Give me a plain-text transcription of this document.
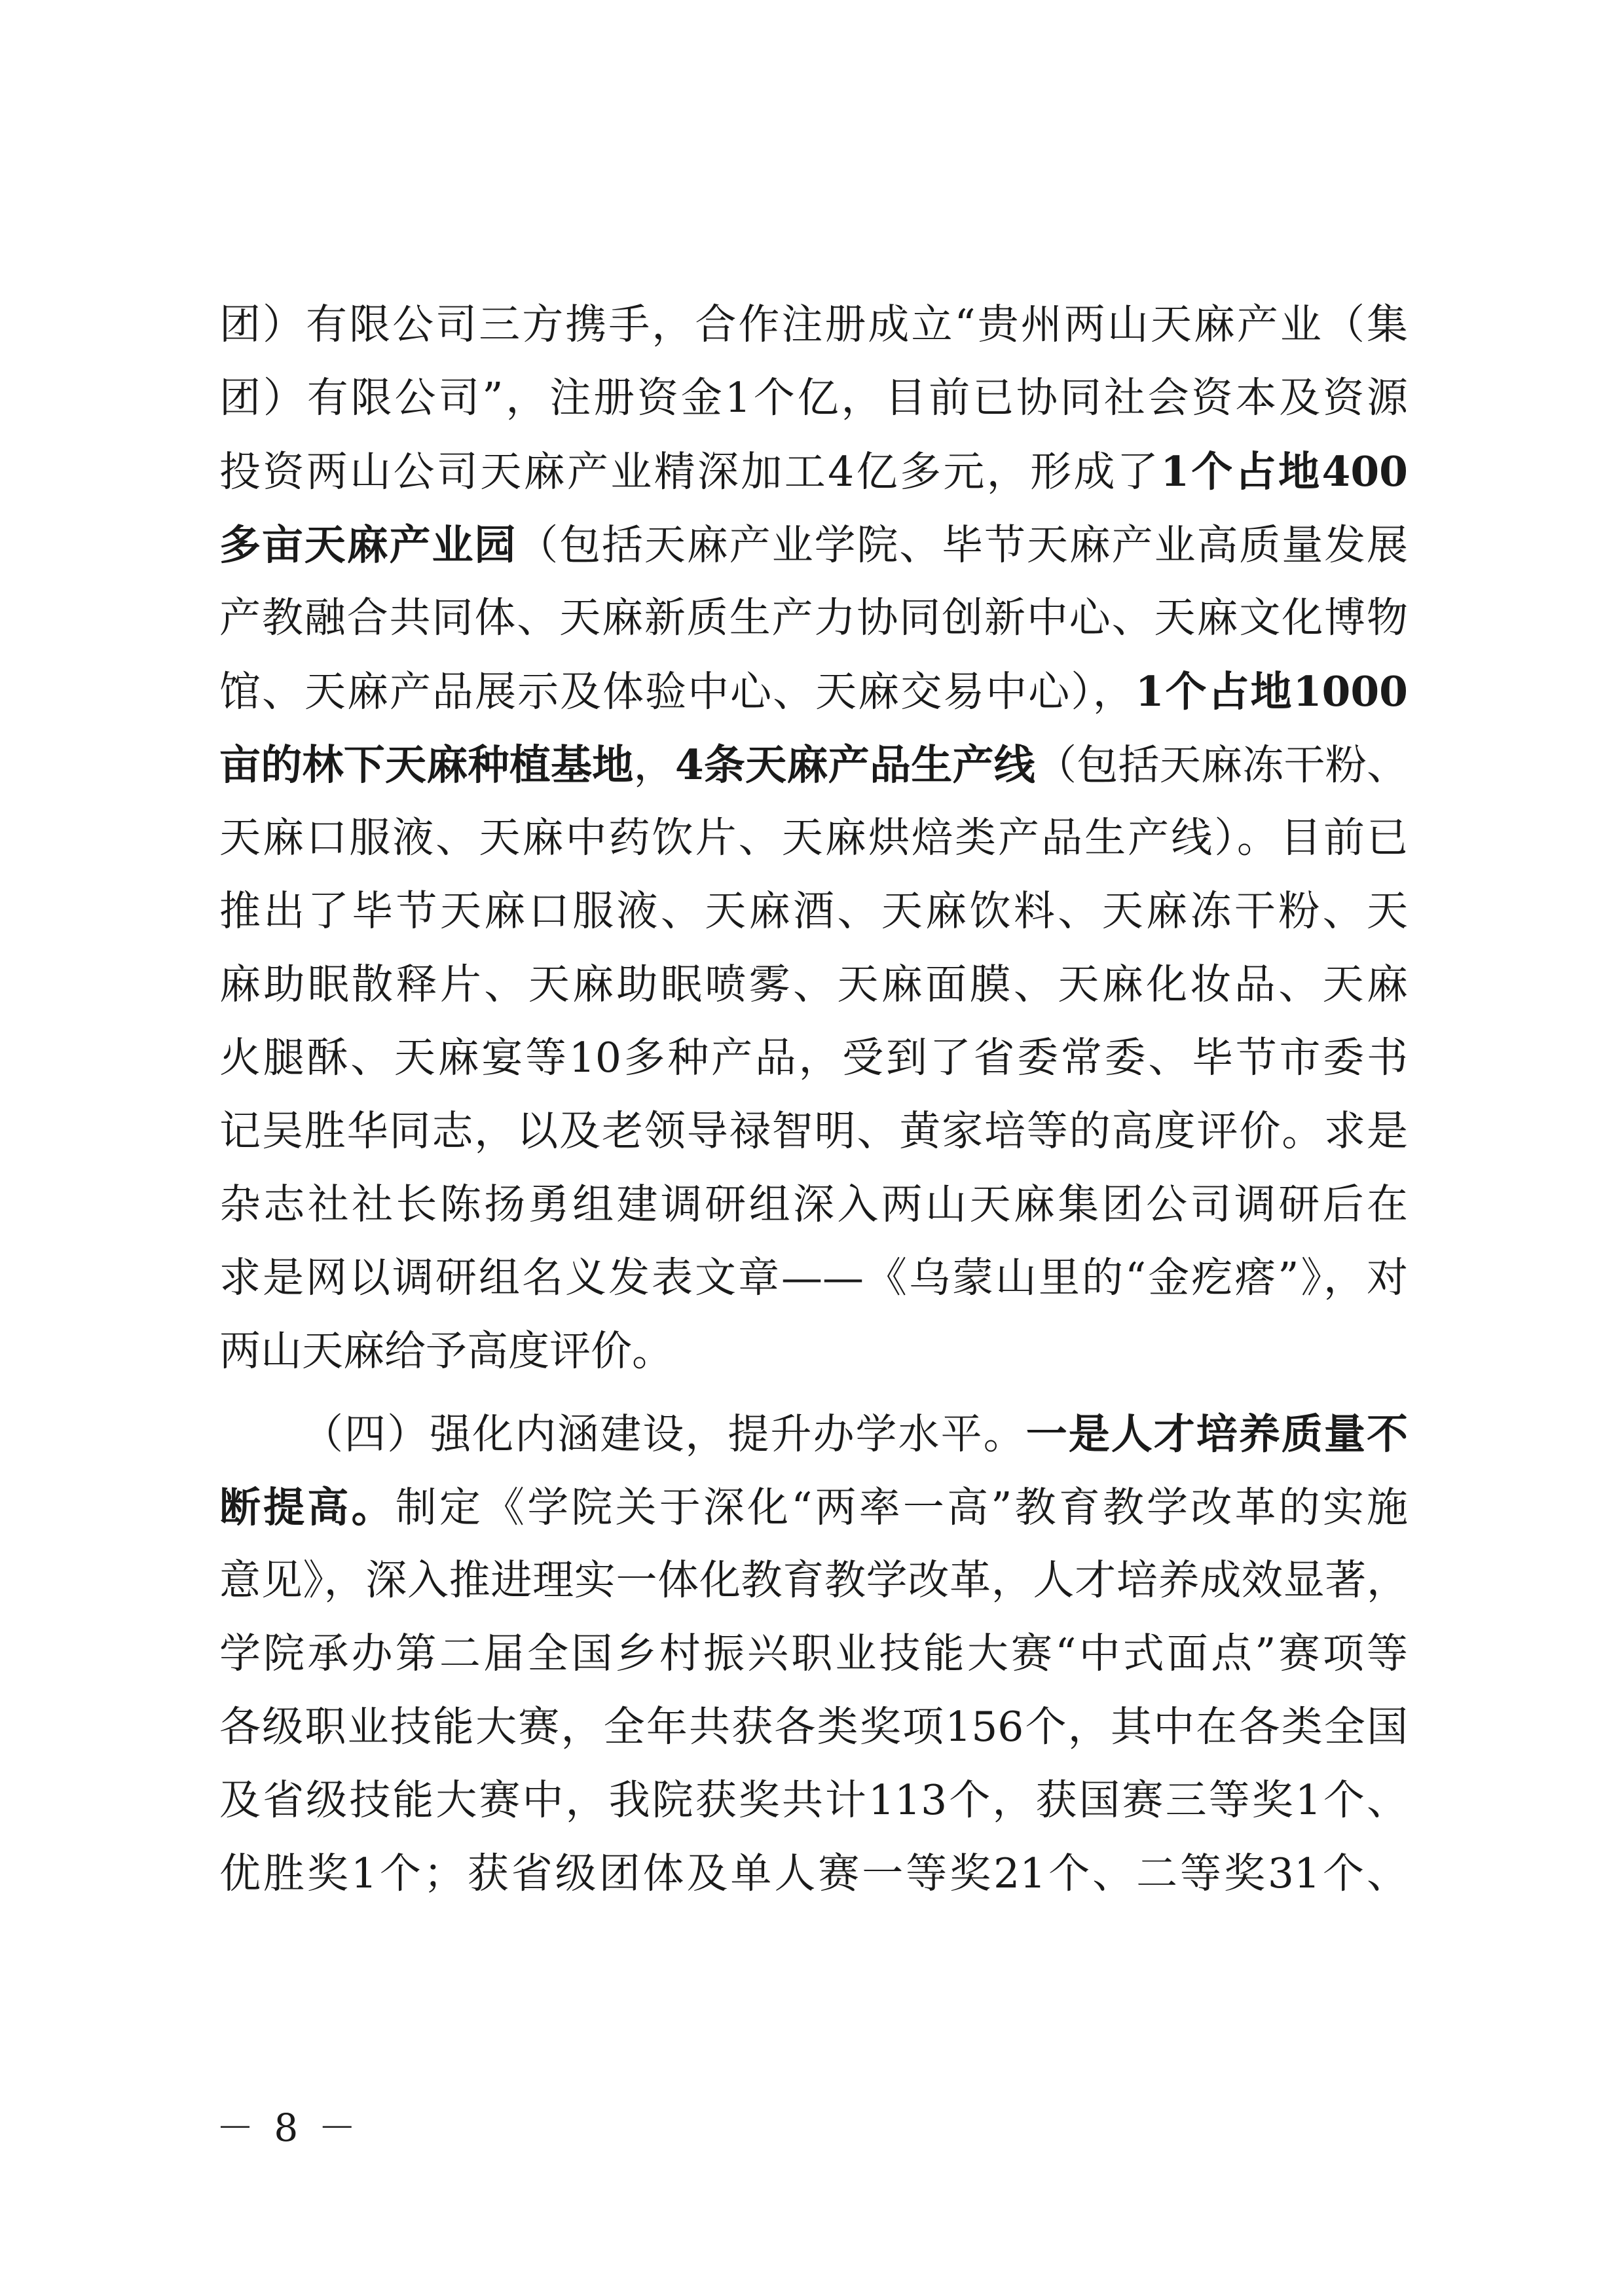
团）有限公司三方携手，合作注册成立“贵州两山天麻产业（集
团）有限公司”，注册资金1个亿，目前已协同社会资本及资源
投资两山公司天麻产业精深加工4亿多元，形成了1个占地400
多亩天麻产业园（包括天麻产业学院、毕节天麻产业高质量发展
产教融合共同体、天麻新质生产力协同创新中心、天麻文化博物
馆、天麻产品展示及体验中心、天麻交易中心），1个占地1000
亩的林下天麻种植基地，4条天麻产品生产线（包括天麻冻干粉、
天麻口服液、天麻中药饮片、天麻烘焙类产品生产线）。目前已
推出了毕节天麻口服液、天麻酒、天麻饮料、天麻冻干粉、天
麻助眠散释片、天麻助眠喷雾、天麻面膜、天麻化妆品、天麻
火腿酥、天麻宴等10多种产品，受到了省委常委、毕节市委书
记吴胜华同志，以及老领导禄智明、黄家培等的高度评价。求是
杂志社社长陈扬勇组建调研组深入两山天麻集团公司调研后在
求是网以调研组名义发表文章——《乌蒙山里的“金疙瘩”》，对
两山天麻给予高度评价。
（四）强化内涵建设，提升办学水平。一是人才培养质量不
断提高。制定《学院关于深化“两率一高”教育教学改革的实施
意见》，深入推进理实一体化教育教学改革，人才培养成效显著，
学院承办第二届全国乡村振兴职业技能大赛“中式面点”赛项等
各级职业技能大赛，全年共获各类奖项156个，其中在各类全国
及省级技能大赛中，我院获奖共计113个，获国赛三等奖1个、
优胜奖1个；获省级团体及单人赛一等奖21个、二等奖31个、
－ 8 －
